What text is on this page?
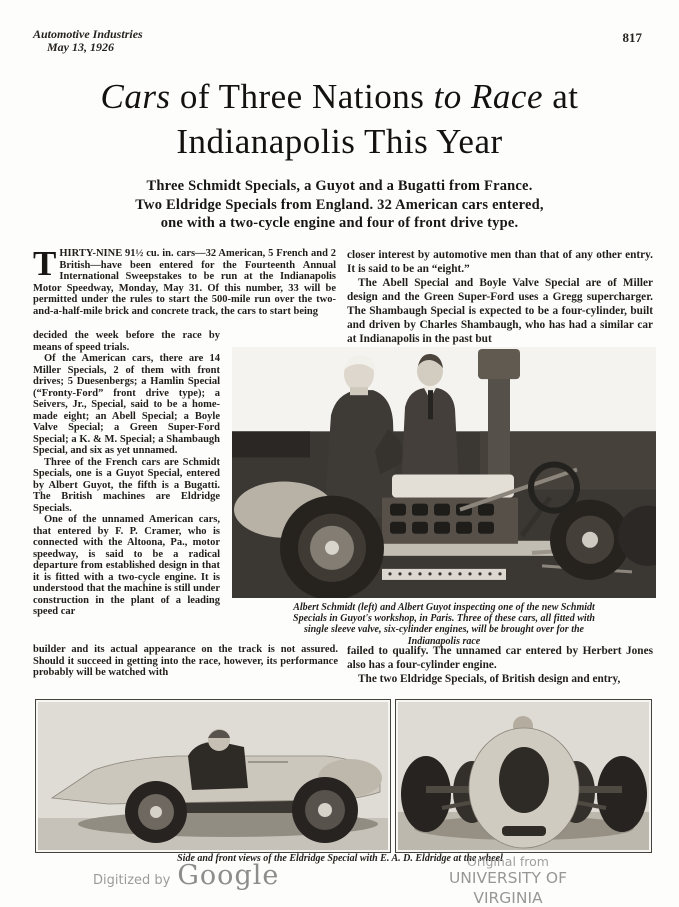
Automotive Industries
May 13, 1926
817
Cars of Three Nations to Race at
Indianapolis This Year
Three Schmidt Specials, a Guyot and a Bugatti from France.
Two Eldridge Specials from England. 32 American cars entered,
one with a two-cycle engine and four of front drive type.

THIRTY-NINE 91½ cu. in. cars—32 American, 5 French and 2 British—have been entered for the Fourteenth Annual International Sweepstakes to be run at the Indianapolis Motor Speedway, Monday, May 31. Of this number, 33 will be permitted under the rules to start the 500-mile run over the two-and-a-half-mile brick and concrete track, the cars to start being

decided the week before the race by means of speed trials.

Of the American cars, there are 14 Miller Specials, 2 of them with front drives; 5 Duesenbergs; a Hamlin Special (“Fronty-Ford” front drive type); a Seivers, Jr., Special, said to be a home-made eight; an Abell Special; a Boyle Valve Special; a Green Super-Ford Special; a K. & M. Special; a Shambaugh Special, and six as yet unnamed.

Three of the French cars are Schmidt Specials, one is a Guyot Special, entered by Albert Guyot, the fifth is a Bugatti. The British machines are Eldridge Specials.

One of the unnamed American cars, that entered by F. P. Cramer, who is connected with the Altoona, Pa., motor speedway, is said to be a radical departure from established design in that it is fitted with a two-cycle engine. It is understood that the machine is still under construction in the plant of a leading speed car

builder and its actual appearance on the track is not assured. Should it succeed in getting into the race, however, its performance probably will be watched with

closer interest by automotive men than that of any other entry. It is said to be an “eight.”

The Abell Special and Boyle Valve Special are of Miller design and the Green Super-Ford uses a Gregg supercharger. The Shambaugh Special is expected to be a four-cylinder, built and driven by Charles Shambaugh, who has had a similar car at Indianapolis in the past but

failed to qualify. The unnamed car entered by Herbert Jones also has a four-cylinder engine.

The two Eldridge Specials, of British design and entry,

Albert Schmidt (left) and Albert Guyot inspecting one of the new Schmidt
Specials in Guyot's workshop, in Paris. Three of these cars, all fitted with
single sleeve valve, six-cylinder engines, will be brought over for the
Indianapolis race
Side and front views of the Eldridge Special with E. A. D. Eldridge at the wheel
Digitized by Google	Original from
UNIVERSITY OF VIRGINIA
